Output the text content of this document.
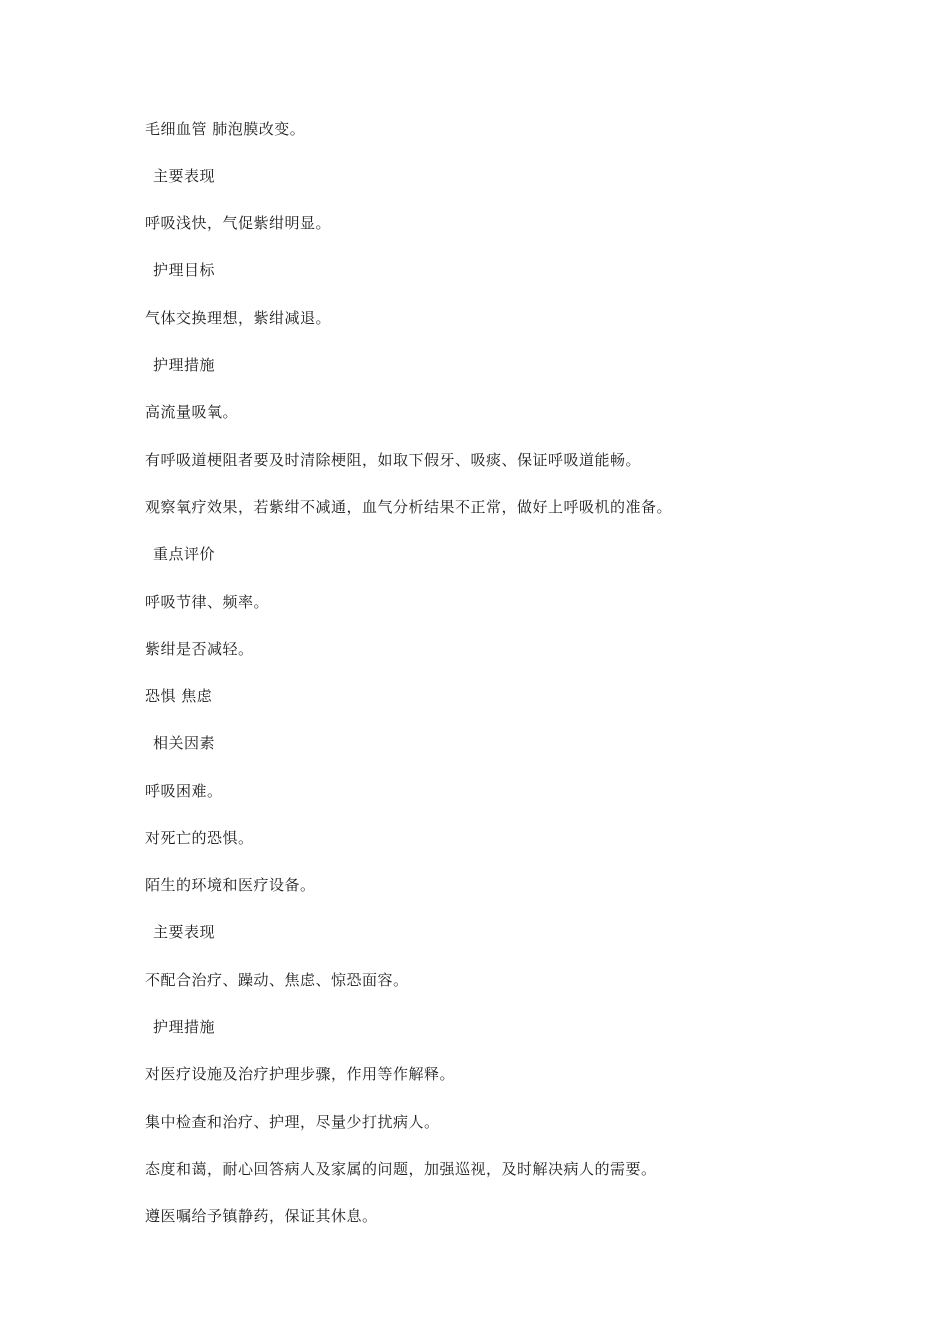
毛细血管 肺泡膜改变。
主要表现
呼吸浅快，气促紫绀明显。
护理目标
气体交换理想，紫绀减退。
护理措施
高流量吸氧。
有呼吸道梗阻者要及时清除梗阻，如取下假牙、吸痰、保证呼吸道能畅。
观察氧疗效果，若紫绀不减通，血气分析结果不正常，做好上呼吸机的准备。
重点评价
呼吸节律、频率。
紫绀是否减轻。
恐惧 焦虑
相关因素
呼吸困难。
对死亡的恐惧。
陌生的环境和医疗设备。
主要表现
不配合治疗、躁动、焦虑、惊恐面容。
护理措施
对医疗设施及治疗护理步骤，作用等作解释。
集中检查和治疗、护理，尽量少打扰病人。
态度和蔼，耐心回答病人及家属的问题，加强巡视，及时解决病人的需要。
遵医嘱给予镇静药，保证其休息。
